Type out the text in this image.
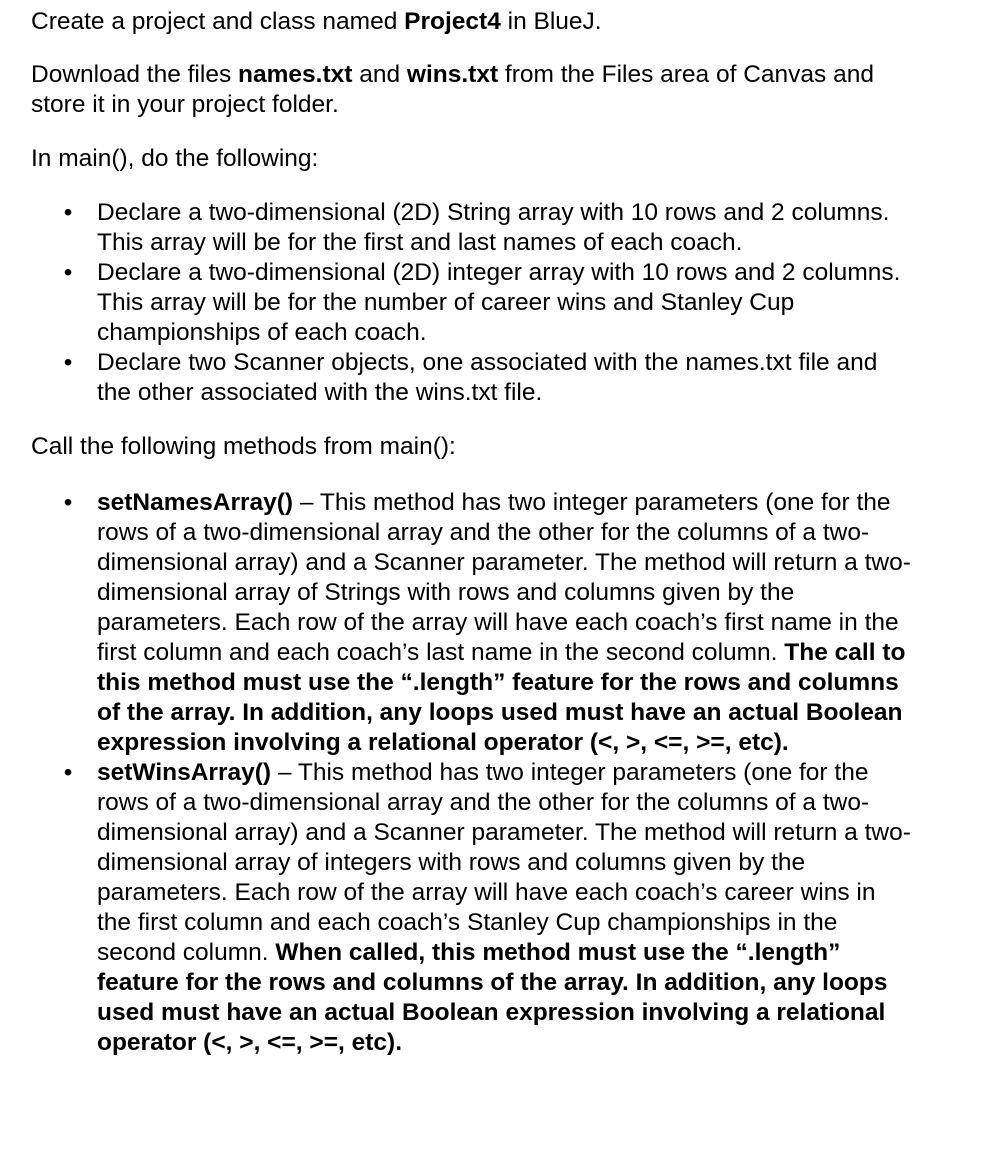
Create a project and class named Project4 in BlueJ.

Download the files names.txt and wins.txt from the Files area of Canvas and store it in your project folder.

In main(), do the following:

• Declare a two-dimensional (2D) String array with 10 rows and 2 columns. This array will be for the first and last names of each coach.
• Declare a two-dimensional (2D) integer array with 10 rows and 2 columns. This array will be for the number of career wins and Stanley Cup championships of each coach.
• Declare two Scanner objects, one associated with the names.txt file and the other associated with the wins.txt file.

Call the following methods from main():

• setNamesArray() – This method has two integer parameters (one for the rows of a two-dimensional array and the other for the columns of a two-dimensional array) and a Scanner parameter. The method will return a two-dimensional array of Strings with rows and columns given by the parameters. Each row of the array will have each coach’s first name in the first column and each coach’s last name in the second column. The call to this method must use the “.length” feature for the rows and columns of the array. In addition, any loops used must have an actual Boolean expression involving a relational operator (<, >, <=, >=, etc).
• setWinsArray() – This method has two integer parameters (one for the rows of a two-dimensional array and the other for the columns of a two-dimensional array) and a Scanner parameter. The method will return a two-dimensional array of integers with rows and columns given by the parameters. Each row of the array will have each coach’s career wins in the first column and each coach’s Stanley Cup championships in the second column. When called, this method must use the “.length” feature for the rows and columns of the array. In addition, any loops used must have an actual Boolean expression involving a relational operator (<, >, <=, >=, etc).
